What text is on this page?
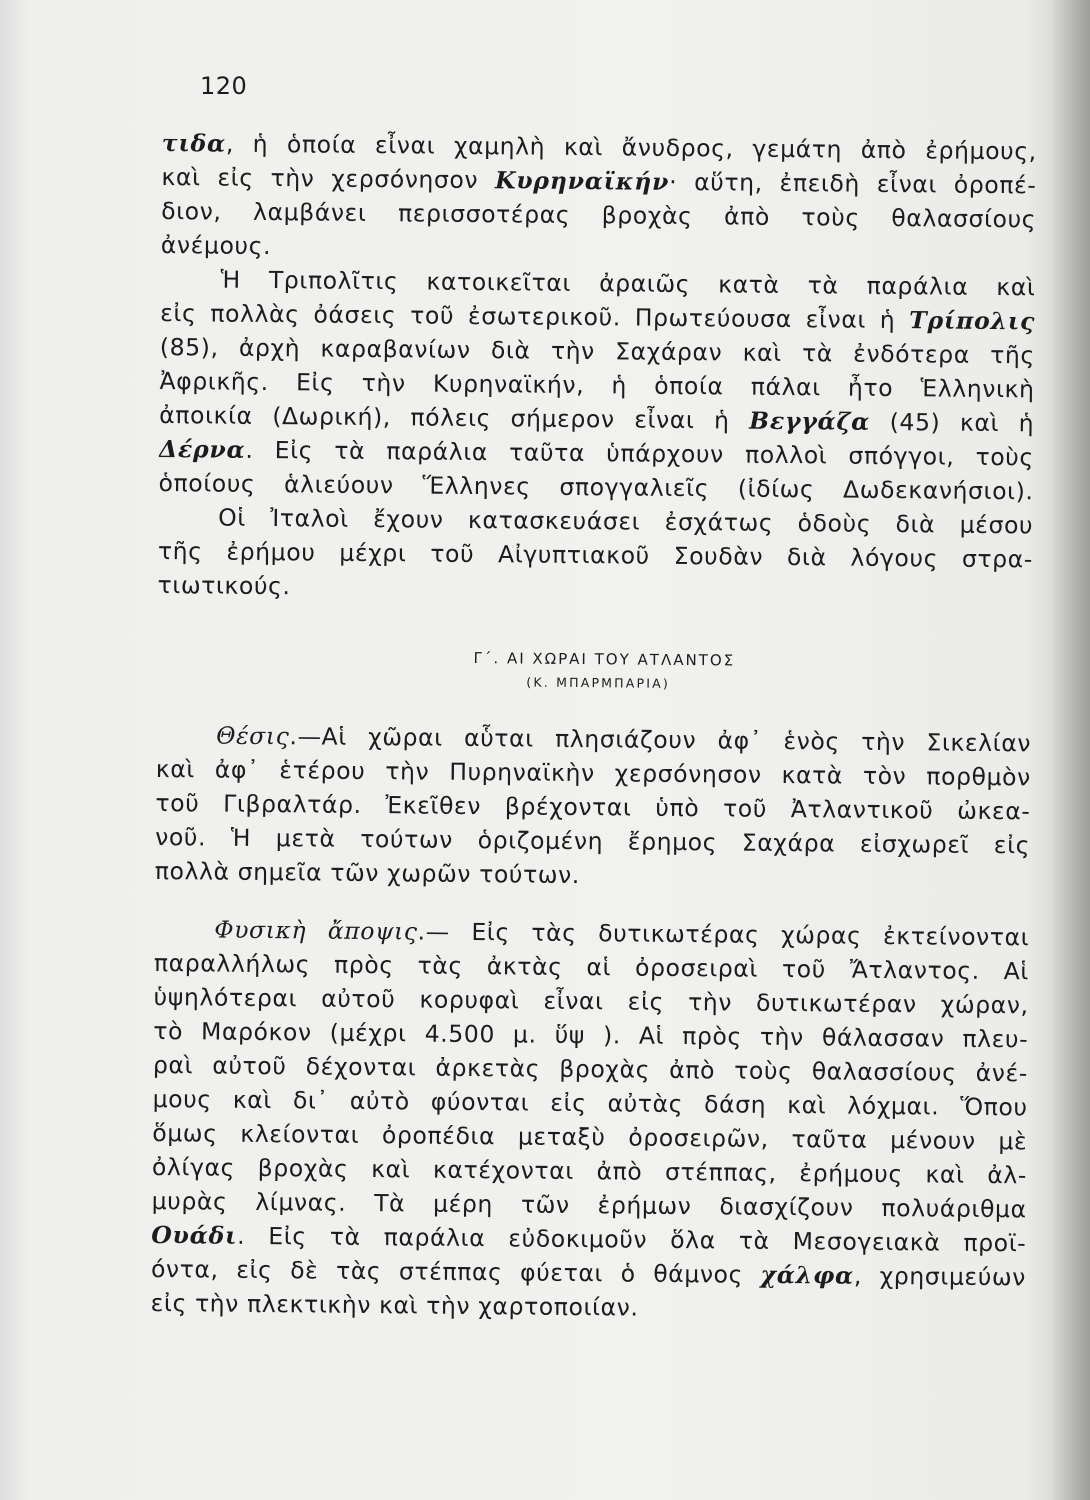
120
τιδα, ἡ ὁποία εἶναι χαμηλὴ καὶ ἄνυδρος, γεμάτη ἀπὸ ἐρήμους,
καὶ εἰς τὴν χερσόνησον Κυρηναϊκήν· αὕτη, ἐπειδὴ εἶναι ὀροπέ-
διον, λαμβάνει περισσοτέρας βροχὰς ἀπὸ τοὺς θαλασσίους
ἀνέμους.
Ἡ Τριπολῖτις κατοικεῖται ἀραιῶς κατὰ τὰ παράλια καὶ
εἰς πολλὰς ὀάσεις τοῦ ἐσωτερικοῦ. Πρωτεύουσα εἶναι ἡ Τρίπολις
(85), ἀρχὴ καραβανίων διὰ τὴν Σαχάραν καὶ τὰ ἐνδότερα τῆς
Ἀφρικῆς. Εἰς τὴν Κυρηναϊκήν, ἡ ὁποία πάλαι ἦτο Ἑλληνικὴ
ἀποικία (Δωρική), πόλεις σήμερον εἶναι ἡ Βεγγάζα (45) καὶ ἡ
Δέρνα. Εἰς τὰ παράλια ταῦτα ὑπάρχουν πολλοὶ σπόγγοι, τοὺς
ὁποίους ἁλιεύουν Ἕλληνες σπογγαλιεῖς (ἰδίως Δωδεκανήσιοι).
Οἱ Ἰταλοὶ ἔχουν κατασκευάσει ἐσχάτως ὁδοὺς διὰ μέσου
τῆς ἐρήμου μέχρι τοῦ Αἰγυπτιακοῦ Σουδὰν διὰ λόγους στρα-
τιωτικούς.
Γ΄. ΑΙ ΧΩΡΑΙ ΤΟΥ ΑΤΛΑΝΤΟΣ
(Κ. ΜΠΑΡΜΠΑΡΙΑ)
Θέσις.—Αἱ χῶραι αὗται πλησιάζουν ἀφ᾽ ἑνὸς τὴν Σικελίαν
καὶ ἀφ᾽ ἑτέρου τὴν Πυρηναϊκὴν χερσόνησον κατὰ τὸν πορθμὸν
τοῦ Γιβραλτάρ. Ἐκεῖθεν βρέχονται ὑπὸ τοῦ Ἀτλαντικοῦ ὠκεα-
νοῦ. Ἡ μετὰ τούτων ὁριζομένη ἔρημος Σαχάρα εἰσχωρεῖ εἰς
πολλὰ σημεῖα τῶν χωρῶν τούτων.
Φυσικὴ ἄποψις.— Εἰς τὰς δυτικωτέρας χώρας ἐκτείνονται
παραλλήλως πρὸς τὰς ἀκτὰς αἱ ὀροσειραὶ τοῦ Ἄτλαντος. Αἱ
ὑψηλότεραι αὐτοῦ κορυφαὶ εἶναι εἰς τὴν δυτικωτέραν χώραν,
τὸ Μαρόκον (μέχρι 4.500 μ. ὕψ ). Αἱ πρὸς τὴν θάλασσαν πλευ-
ραὶ αὐτοῦ δέχονται ἀρκετὰς βροχὰς ἀπὸ τοὺς θαλασσίους ἀνέ-
μους καὶ δι᾽ αὐτὸ φύονται εἰς αὐτὰς δάση καὶ λόχμαι. Ὅπου
ὅμως κλείονται ὀροπέδια μεταξὺ ὀροσειρῶν, ταῦτα μένουν μὲ
ὀλίγας βροχὰς καὶ κατέχονται ἀπὸ στέππας, ἐρήμους καὶ ἀλ-
μυρὰς λίμνας. Τὰ μέρη τῶν ἐρήμων διασχίζουν πολυάριθμα
Ουάδι. Εἰς τὰ παράλια εὐδοκιμοῦν ὅλα τὰ Μεσογειακὰ προϊ-
όντα, εἰς δὲ τὰς στέππας φύεται ὁ θάμνος χάλφα, χρησιμεύων
εἰς τὴν πλεκτικὴν καὶ τὴν χαρτοποιίαν.
